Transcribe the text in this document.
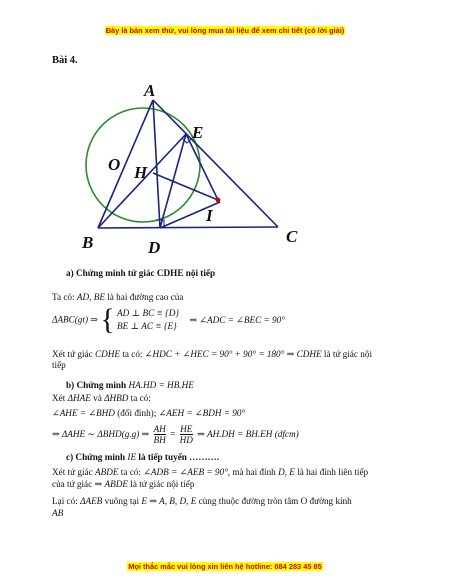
Đây là bản xem thử, vui lòng mua tài liệu để xem chi tiết (có lời giải)
Bài 4.
A
E
O H
I
B	D
C
a) Chứng minh tứ giác CDHE nội tiếp
Ta có: AD, BE là hai đường cao của
ΔABC(gt) ⇒ { AD ⊥ BC ≡ {D}
BE ⊥ AC ≡ {E}
⇒ ∠ADC = ∠BEC = 90°
Xét tứ giác CDHE ta có: ∠HDC + ∠HEC = 90° + 90° = 180° ⇒ CDHE là tứ giác nội
tiếp
b) Chứng minh HA.HD = HB.HE
Xét ΔHAE và ΔHBD ta có:
∠AHE = ∠BHD (đối đỉnh); ∠AEH = ∠BDH = 90°
⇒ ΔAHE ∼ ΔBHD(g.g) ⇒ $\frac{AH}{BH} = \frac{HE}{HD}$ ⇒ AH.DH = BH.EH (dfcm)
c) Chứng minh IE là tiếp tuyến ……….
Xét tứ giác ABDE ta có: ∠ADB = ∠AEB = 90°, mà hai đỉnh D, E là hai đỉnh liên tiếp
của tứ giác ⇒ ABDE là tứ giác nội tiếp
Lại có: ΔAEB vuông tại E ⇒ A, B, D, E cùng thuộc đường tròn tâm O đường kính
AB
Mọi thắc mắc vui lòng xin liên hệ hotline: 084 283 45 85
